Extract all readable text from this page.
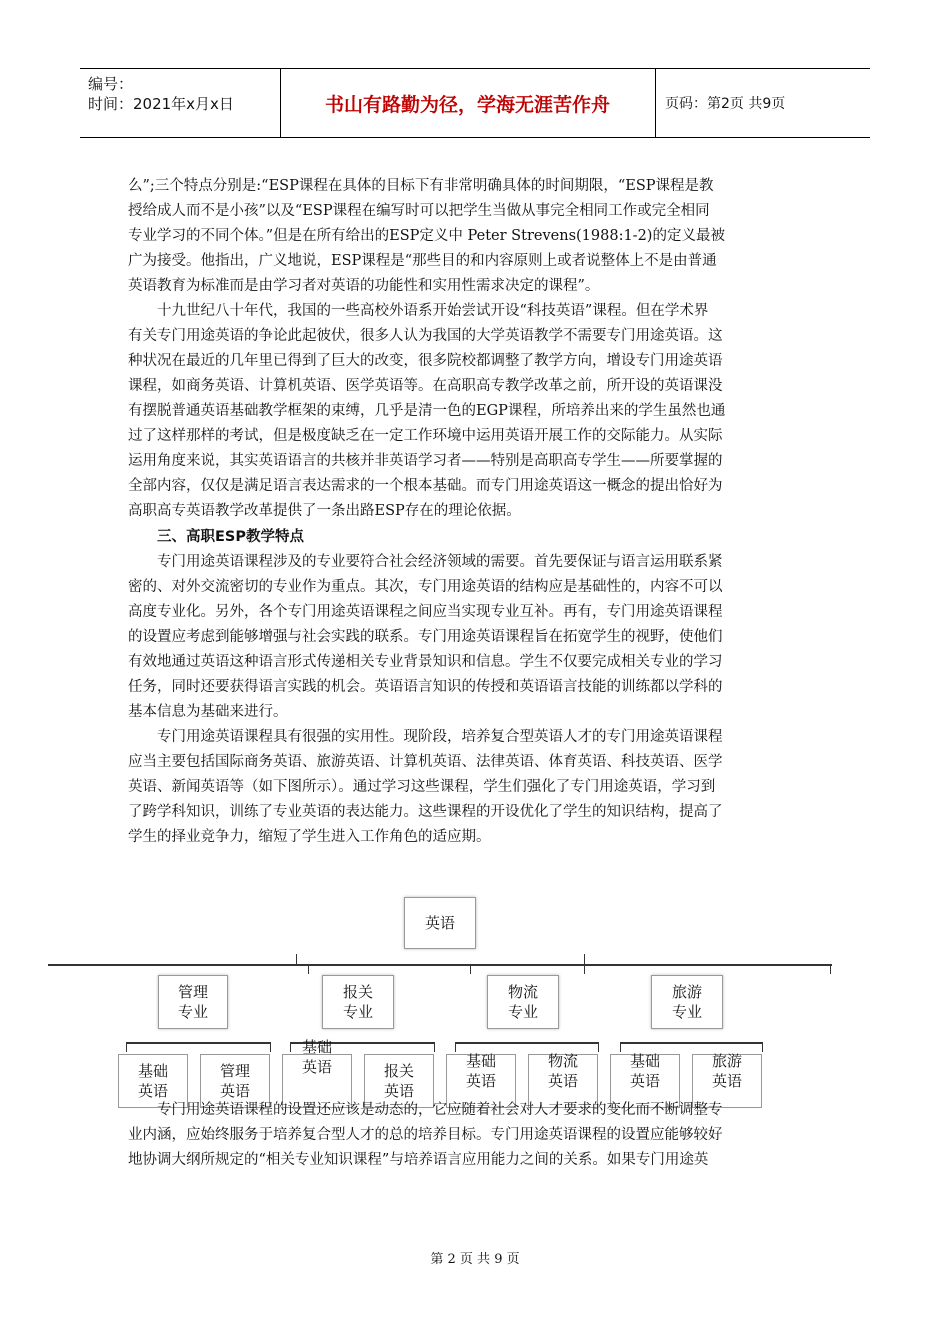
编号：
时间：2021年x月x日	书山有路勤为径，学海无涯苦作舟	页码：第2页 共9页
么”;三个特点分别是:“ESP课程在具体的目标下有非常明确具体的时间期限，“ESP课程是教
授给成人而不是小孩”以及“ESP课程在编写时可以把学生当做从事完全相同工作或完全相同
专业学习的不同个体。”但是在所有给出的ESP定义中 Peter Strevens(1988:1-2)的定义最被
广为接受。他指出，广义地说，ESP课程是“那些目的和内容原则上或者说整体上不是由普通
英语教育为标准而是由学习者对英语的功能性和实用性需求决定的课程”。
　　十九世纪八十年代，我国的一些高校外语系开始尝试开设“科技英语”课程。但在学术界
有关专门用途英语的争论此起彼伏，很多人认为我国的大学英语教学不需要专门用途英语。这
种状况在最近的几年里已得到了巨大的改变，很多院校都调整了教学方向，增设专门用途英语
课程，如商务英语、计算机英语、医学英语等。在高职高专教学改革之前，所开设的英语课没
有摆脱普通英语基础教学框架的束缚，几乎是清一色的EGP课程，所培养出来的学生虽然也通
过了这样那样的考试，但是极度缺乏在一定工作环境中运用英语开展工作的交际能力。从实际
运用角度来说，其实英语语言的共核并非英语学习者——特别是高职高专学生——所要掌握的
全部内容，仅仅是满足语言表达需求的一个根本基础。而专门用途英语这一概念的提出恰好为
高职高专英语教学改革提供了一条出路ESP存在的理论依据。
　　三、高职ESP教学特点
　　专门用途英语课程涉及的专业要符合社会经济领域的需要。首先要保证与语言运用联系紧
密的、对外交流密切的专业作为重点。其次，专门用途英语的结构应是基础性的，内容不可以
高度专业化。另外，各个专门用途英语课程之间应当实现专业互补。再有，专门用途英语课程
的设置应考虑到能够增强与社会实践的联系。专门用途英语课程旨在拓宽学生的视野，使他们
有效地通过英语这种语言形式传递相关专业背景知识和信息。学生不仅要完成相关专业的学习
任务，同时还要获得语言实践的机会。英语语言知识的传授和英语语言技能的训练都以学科的
基本信息为基础来进行。
　　专门用途英语课程具有很强的实用性。现阶段，培养复合型英语人才的专门用途英语课程
应当主要包括国际商务英语、旅游英语、计算机英语、法律英语、体育英语、科技英语、医学
英语、新闻英语等（如下图所示）。通过学习这些课程，学生们强化了专门用途英语，学习到
了跨学科知识，训练了专业英语的表达能力。这些课程的开设优化了学生的知识结构，提高了
学生的择业竞争力，缩短了学生进入工作角色的适应期。
英语
管理
专业
报关
专业
物流
专业
旅游
专业
基础
英语
管理
英语
基础
英语	报关
英语
基础
英语
物流
英语
基础
英语
旅游
英语
　　专门用途英语课程的设置还应该是动态的，它应随着社会对人才要求的变化而不断调整专
业内涵，应始终服务于培养复合型人才的总的培养目标。专门用途英语课程的设置应能够较好
地协调大纲所规定的“相关专业知识课程”与培养语言应用能力之间的关系。如果专门用途英
第 2 页 共 9 页
